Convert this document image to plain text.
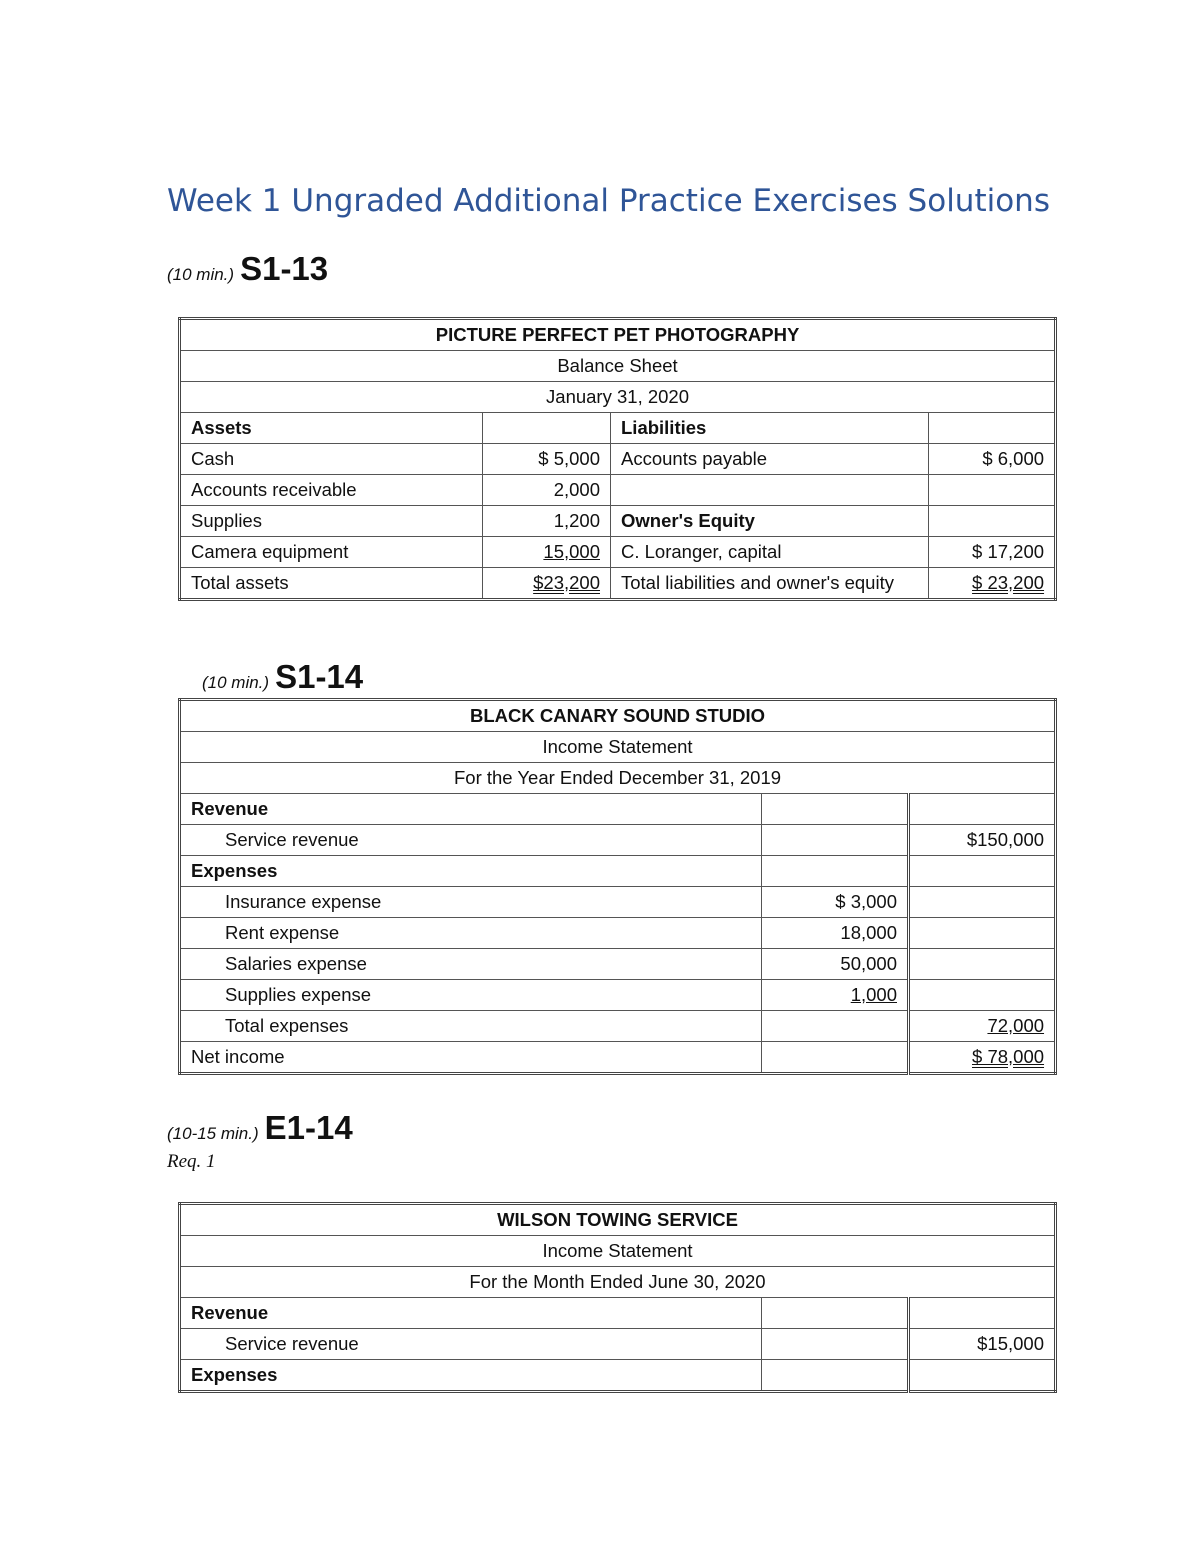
Week 1 Ungraded Additional Practice Exercises Solutions
(10 min.) S1-13
PICTURE PERFECT PET PHOTOGRAPHY			
Balance Sheet			
January 31, 2020			
Assets		Liabilities	
Cash	$ 5,000	Accounts payable	$ 6,000
Accounts receivable	2,000		
Supplies	1,200	Owner's Equity	
Camera equipment	15,000	C. Loranger, capital	$ 17,200
Total assets	$23,200	Total liabilities and owner's equity	$ 23,200
(10 min.) S1-14
BLACK CANARY SOUND STUDIO		
Income Statement		
For the Year Ended December 31, 2019		
Revenue		
Service revenue		$150,000
Expenses		
Insurance expense	$ 3,000	
Rent expense	18,000	
Salaries expense	50,000	
Supplies expense	1,000	
Total expenses		72,000
Net income		$ 78,000
(10-15 min.) E1-14
Req. 1
WILSON TOWING SERVICE		
Income Statement		
For the Month Ended June 30, 2020		
Revenue		
Service revenue		$15,000
Expenses		
